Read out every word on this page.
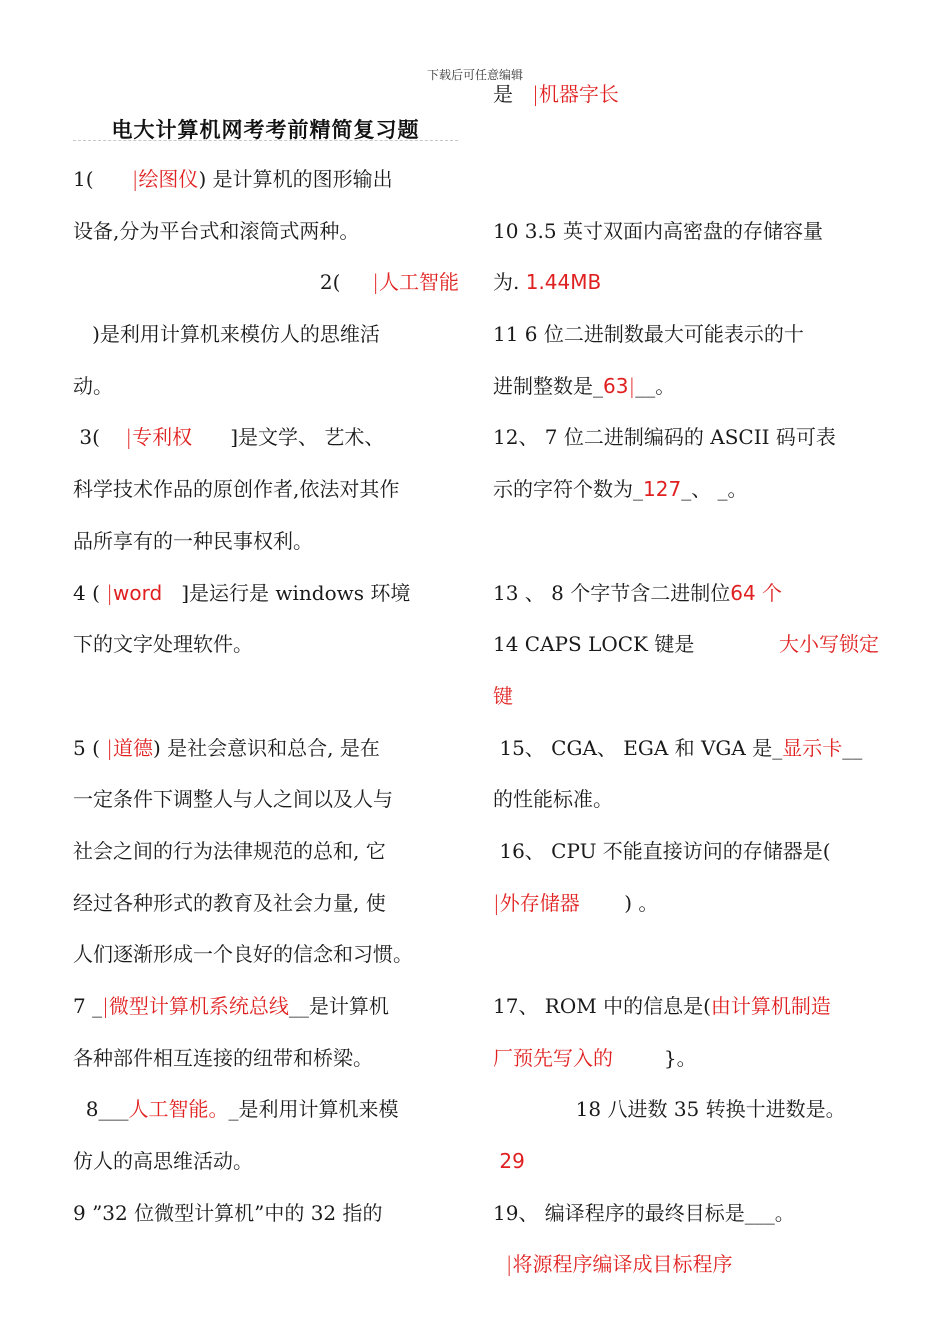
下载后可任意编辑
电大计算机网考考前精简复习题
是 |机器字长
1( |绘图仪) 是计算机的图形输出
设备,分为平台式和滚筒式两种。
2( |人工智能
)是利用计算机来模仿人的思维活
动。
3( |专利权 ]是文学、 艺术、
科学技术作品的原创作者,依法对其作
品所享有的一种民事权利。
4 ( |word ]是运行是 windows 环境
下的文字处理软件。
5 ( |道德) 是社会意识和总合, 是在
一定条件下调整人与人之间以及人与
社会之间的行为法律规范的总和, 它
经过各种形式的教育及社会力量, 使
人们逐渐形成一个良好的信念和习惯。
7 _|微型计算机系统总线__是计算机
各种部件相互连接的纽带和桥梁。
8___人工智能。_是利用计算机来模
仿人的高思维活动。
9 ”32 位微型计算机”中的 32 指的
10 3.5 英寸双面内高密盘的存储容量
为. 1.44MB
11 6 位二进制数最大可能表示的十
进制整数是_63|__。
12、 7 位二进制编码的 ASCII 码可表
示的字符个数为_127_、 _。
13 、 8 个字节含二进制位64 个
14 CAPS LOCK 键是	大小写锁定
键
15、 CGA、 EGA 和 VGA 是_显示卡__
的性能标准。
16、 CPU 不能直接访问的存储器是(
|外存储器 ) 。
17、 ROM 中的信息是(由计算机制造
厂预先写入的	}。
18 八进数 35 转换十进数是。
29
19、 编译程序的最终目标是___。
|将源程序编译成目标程序
